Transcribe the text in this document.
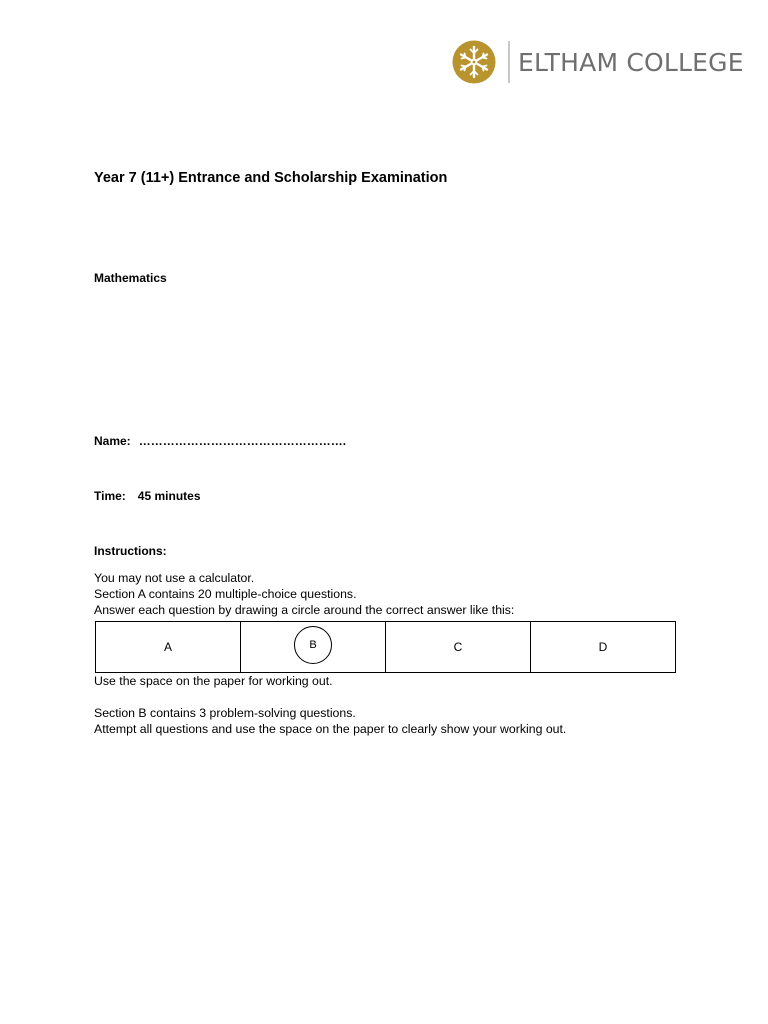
ELTHAM COLLEGE
Year 7 (11+) Entrance and Scholarship Examination
Mathematics
Name: …………………………………………….
Time: 45 minutes
Instructions:
You may not use a calculator.
Section A contains 20 multiple-choice questions.
Answer each question by drawing a circle around the correct answer like this:
A	B	C	D
Use the space on the paper for working out.
Section B contains 3 problem-solving questions.
Attempt all questions and use the space on the paper to clearly show your working out.
